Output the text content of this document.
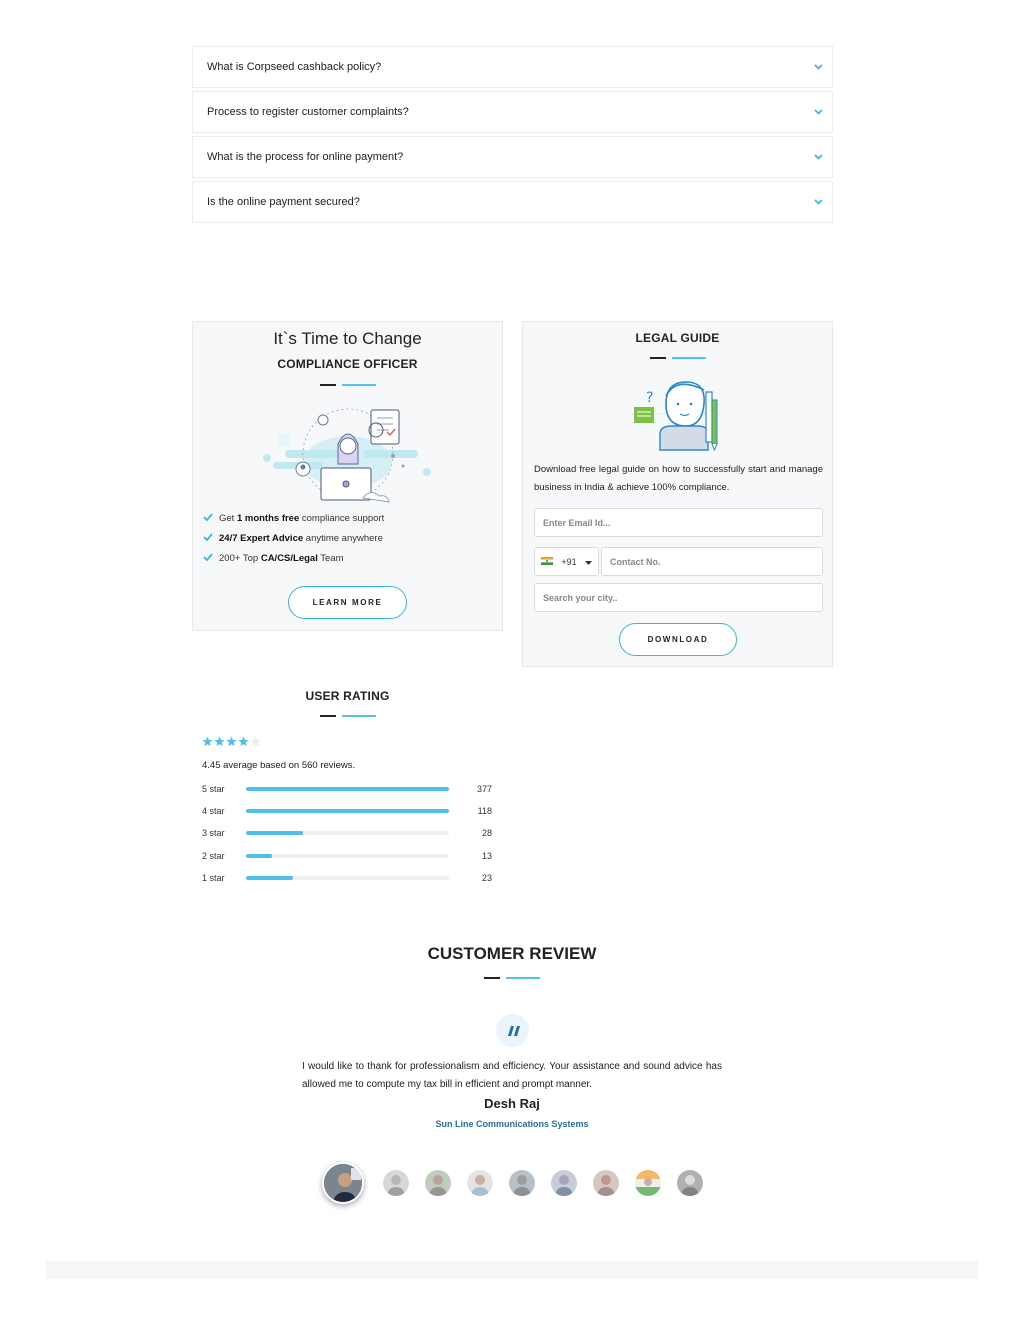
What is Corpseed cashback policy?
Process to register customer complaints?
What is the process for online payment?
Is the online payment secured?
It`s Time to Change
COMPLIANCE OFFICER
Get 1 months free compliance support
24/7 Expert Advice anytime anywhere
200+ Top CA/CS/Legal Team
LEARN MORE
LEGAL GUIDE
?
Download free legal guide on how to successfully start and manage business in India & achieve 100% compliance.
Enter Email Id...
+91	Contact No.
Search your city..
DOWNLOAD
USER RATING
4.45 average based on 560 reviews.
5 star	377
4 star	118
3 star	28
2 star	13
1 star	23
CUSTOMER REVIEW
I would like to thank for professionalism and efficiency. Your assistance and sound advice has allowed me to compute my tax bill in efficient and prompt manner.
Desh Raj
Sun Line Communications Systems
